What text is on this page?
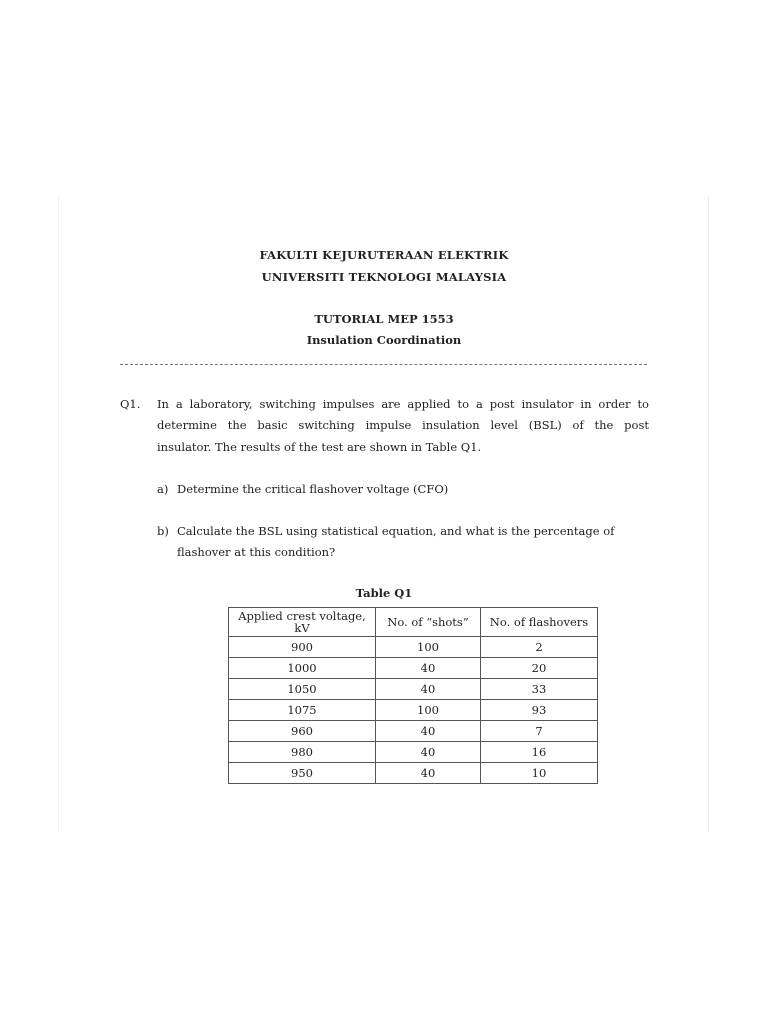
FAKULTI KEJURUTERAAN ELEKTRIK
UNIVERSITI TEKNOLOGI MALAYSIA
TUTORIAL MEP 1553
Insulation Coordination
Q1. In a laboratory, switching impulses are applied to a post insulator in order to
determine the basic switching impulse insulation level (BSL) of the post
insulator. The results of the test are shown in Table Q1.
a) Determine the critical flashover voltage (CFO)
b) Calculate the BSL using statistical equation, and what is the percentage of
flashover at this condition?
Table Q1
Applied crest voltage, kV	No. of “shots”	No. of flashovers
900	100	2
1000	40	20
1050	40	33
1075	100	93
960	40	7
980	40	16
950	40	10
